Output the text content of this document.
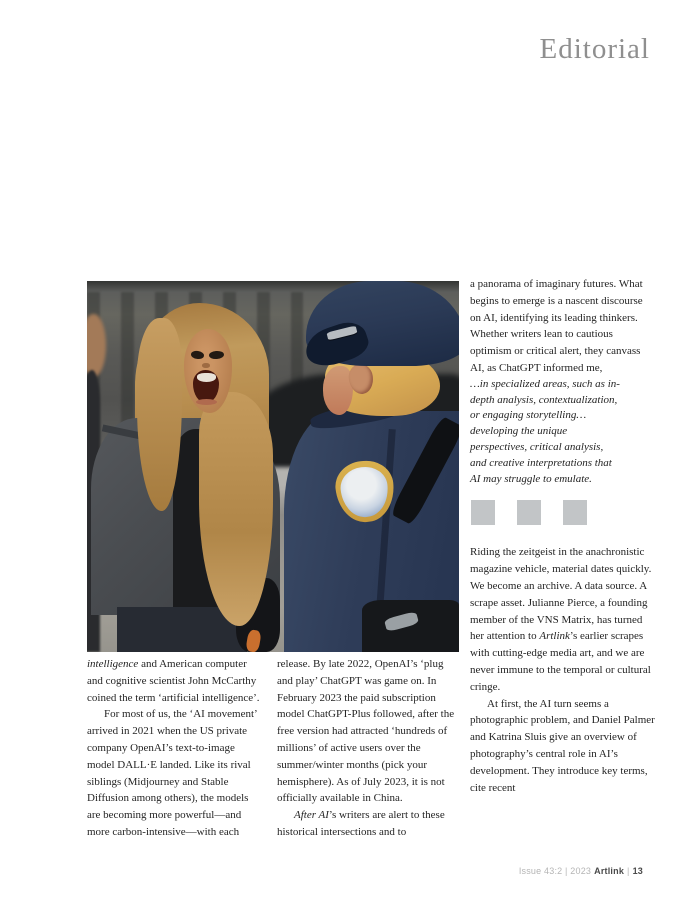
Editorial

a panorama of imaginary futures. What begins to emerge is a nascent discourse on AI, identifying its leading thinkers. Whether writers lean to cautious optimism or critical alert, they canvass AI, as ChatGPT informed me,

…in specialized areas, such as in-depth analysis, contextualization, or engaging storytelling…developing the unique perspectives, critical analysis, and creative interpretations that AI may struggle to emulate.

Riding the zeitgeist in the anachronistic magazine vehicle, material dates quickly. We become an archive. A data source. A scrape asset. Julianne Pierce, a founding member of the VNS Matrix, has turned her attention to Artlink’s earlier scrapes with cutting-edge media art, and we are never immune to the temporal or cultural cringe.

At first, the AI turn seems a photographic problem, and Daniel Palmer and Katrina Sluis give an overview of photography’s central role in AI’s development. They introduce key terms, cite recent

intelligence and American computer and cognitive scientist John McCarthy coined the term ‘artificial intelligence’.

For most of us, the ‘AI movement’ arrived in 2021 when the US private company OpenAI’s text-to-image model DALL·E landed. Like its rival siblings (Midjourney and Stable Diffusion among others), the models are becoming more powerful—and more carbon-intensive—with each

release. By late 2022, OpenAI’s ‘plug and play’ ChatGPT was game on. In February 2023 the paid subscription model ChatGPT-Plus followed, after the free version had attracted ‘hundreds of millions’ of active users over the summer/winter months (pick your hemisphere). As of July 2023, it is not officially available in China.

After AI’s writers are alert to these historical intersections and to

Issue 43:2 | 2023 Artlink | 13
